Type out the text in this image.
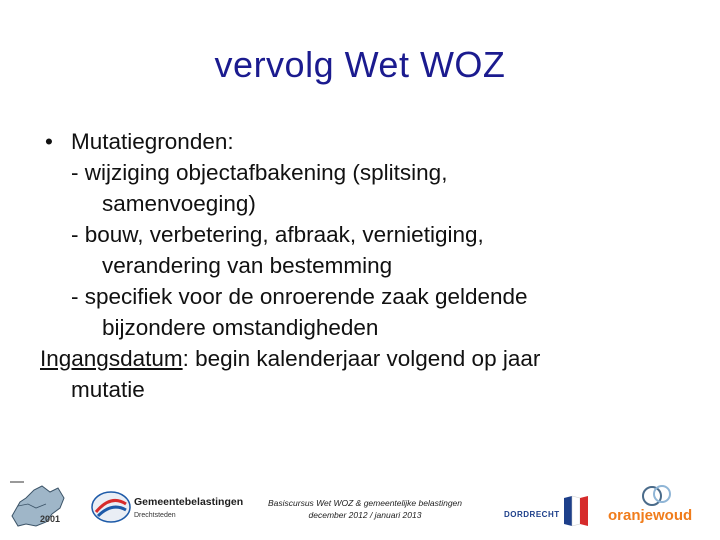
vervolg Wet WOZ
• Mutatiegronden:

- wijziging objectafbakening (splitsing,

samenvoeging)

- bouw, verbetering, afbraak, vernietiging,

verandering van bestemming

- specifiek voor de onroerende zaak geldende

bijzondere omstandigheden

Ingangsdatum: begin kalenderjaar volgend op jaar

mutatie

2001
Gemeentebelastingen
Drechtsteden
Basiscursus Wet WOZ & gemeentelijke belastingen
december 2012 / januari 2013	DORDRECHT	oranjewoud
